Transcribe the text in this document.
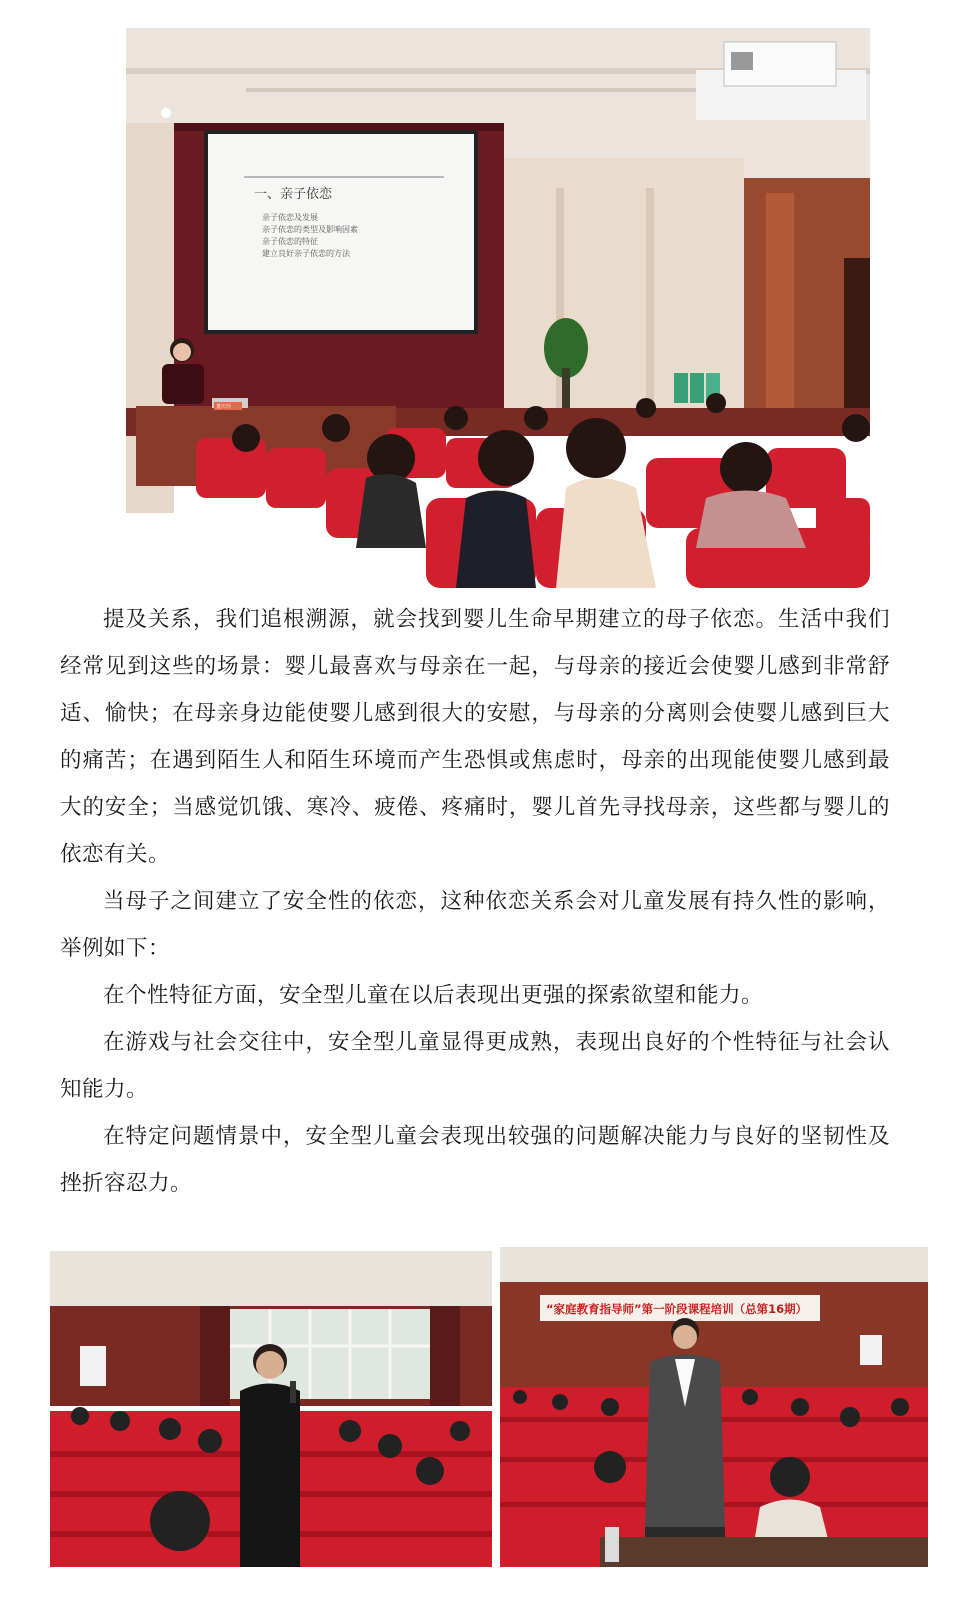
一、亲子依恋
亲子依恋及发展
亲子依恋的类型及影响因素
亲子依恋的特征
建立良好亲子依恋的方法
董庆玲

提及关系，我们追根溯源，就会找到婴儿生命早期建立的母子依恋。生活中我们经常见到这些的场景：婴儿最喜欢与母亲在一起，与母亲的接近会使婴儿感到非常舒适、愉快；在母亲身边能使婴儿感到很大的安慰，与母亲的分离则会使婴儿感到巨大的痛苦；在遇到陌生人和陌生环境而产生恐惧或焦虑时，母亲的出现能使婴儿感到最大的安全；当感觉饥饿、寒冷、疲倦、疼痛时，婴儿首先寻找母亲，这些都与婴儿的依恋有关。

当母子之间建立了安全性的依恋，这种依恋关系会对儿童发展有持久性的影响，举例如下：

在个性特征方面，安全型儿童在以后表现出更强的探索欲望和能力。

在游戏与社会交往中，安全型儿童显得更成熟，表现出良好的个性特征与社会认知能力。

在特定问题情景中，安全型儿童会表现出较强的问题解决能力与良好的坚韧性及挫折容忍力。

“家庭教育指导师”第一阶段课程培训（总第16期）
